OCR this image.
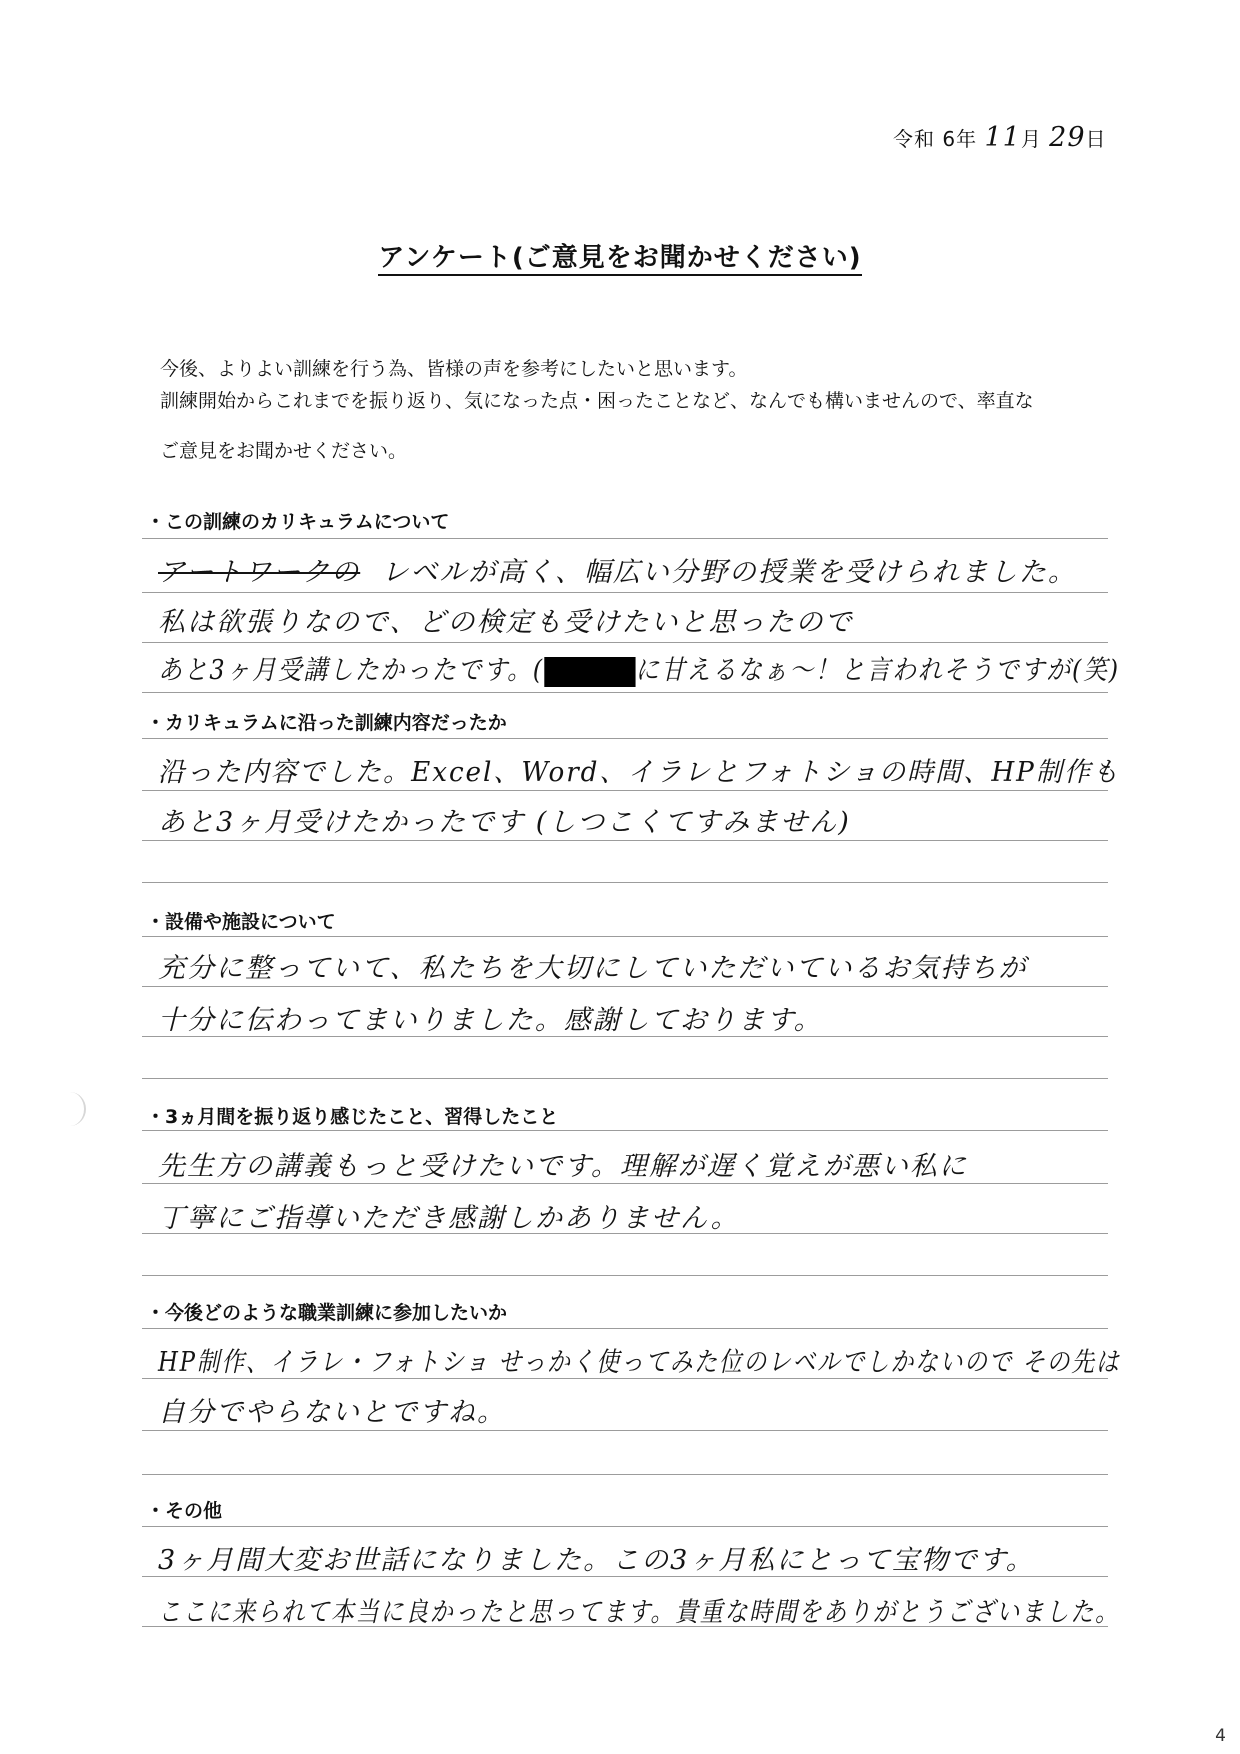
令和 6年 11月 29日
アンケート(ご意見をお聞かせください)
今後、よりよい訓練を行う為、皆様の声を参考にしたいと思います。
訓練開始からこれまでを振り返り、気になった点・困ったことなど、なんでも構いませんので、率直な
ご意見をお聞かせください。
・この訓練のカリキュラムについて
アートワークの レベルが高く、幅広い分野の授業を受けられました。
私は欲張りなので、どの検定も受けたいと思ったので
あと3ヶ月受講したかったです。(	に甘えるなぁ～！と言われそうですが(笑)
・カリキュラムに沿った訓練内容だったか
沿った内容でした。Excel、Word、イラレとフォトショの時間、HP制作も
あと3ヶ月受けたかったです (しつこくてすみません)
・設備や施設について
充分に整っていて、私たちを大切にしていただいているお気持ちが
十分に伝わってまいりました。感謝しております。
・3ヵ月間を振り返り感じたこと、習得したこと
先生方の講義もっと受けたいです。理解が遅く覚えが悪い私に
丁寧にご指導いただき感謝しかありません。
・今後どのような職業訓練に参加したいか
HP制作、イラレ・フォトショ せっかく使ってみた位のレベルでしかないので その先は
自分でやらないとですね。
・その他
3ヶ月間大変お世話になりました。この3ヶ月私にとって宝物です。
ここに来られて本当に良かったと思ってます。貴重な時間をありがとうございました。
4
